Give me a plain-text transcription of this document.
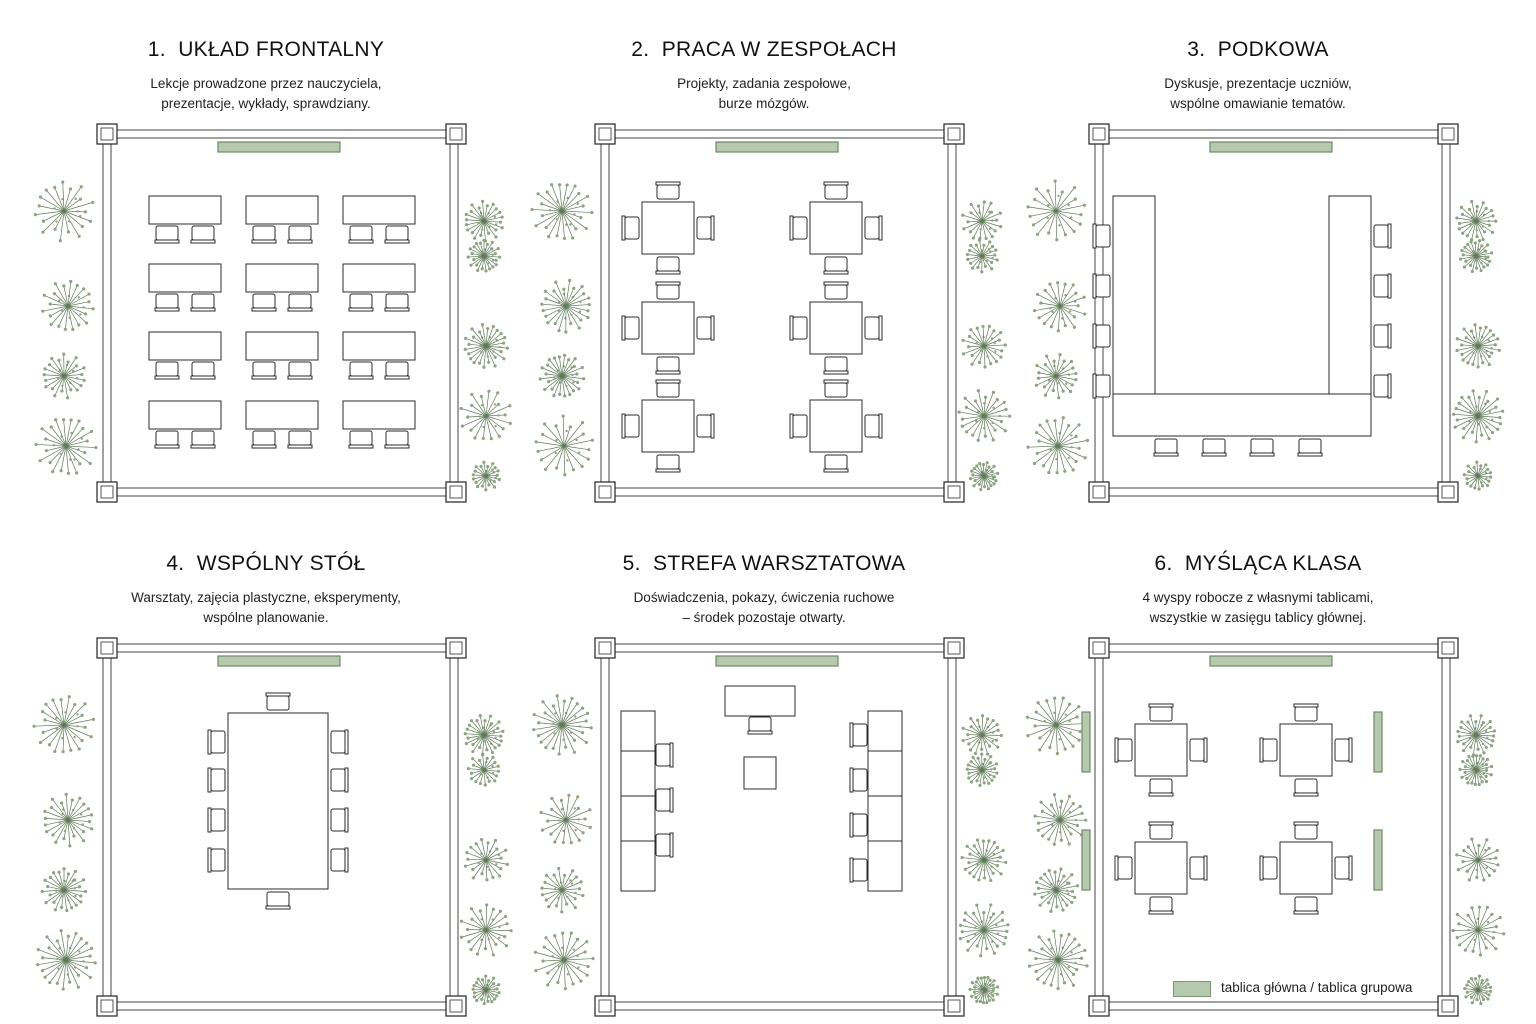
1. UKŁAD FRONTALNY
Lekcje prowadzone przez nauczyciela,
prezentacje, wykłady, sprawdziany.
2. PRACA W ZESPOŁACH
Projekty, zadania zespołowe,
burze mózgów.
3. PODKOWA
Dyskusje, prezentacje uczniów,
wspólne omawianie tematów.
4. WSPÓLNY STÓŁ
Warsztaty, zajęcia plastyczne, eksperymenty,
wspólne planowanie.
5. STREFA WARSZTATOWA
Doświadczenia, pokazy, ćwiczenia ruchowe
– środek pozostaje otwarty.
6. MYŚLĄCA KLASA
4 wyspy robocze z własnymi tablicami,
wszystkie w zasięgu tablicy głównej.
tablica główna / tablica grupowa
